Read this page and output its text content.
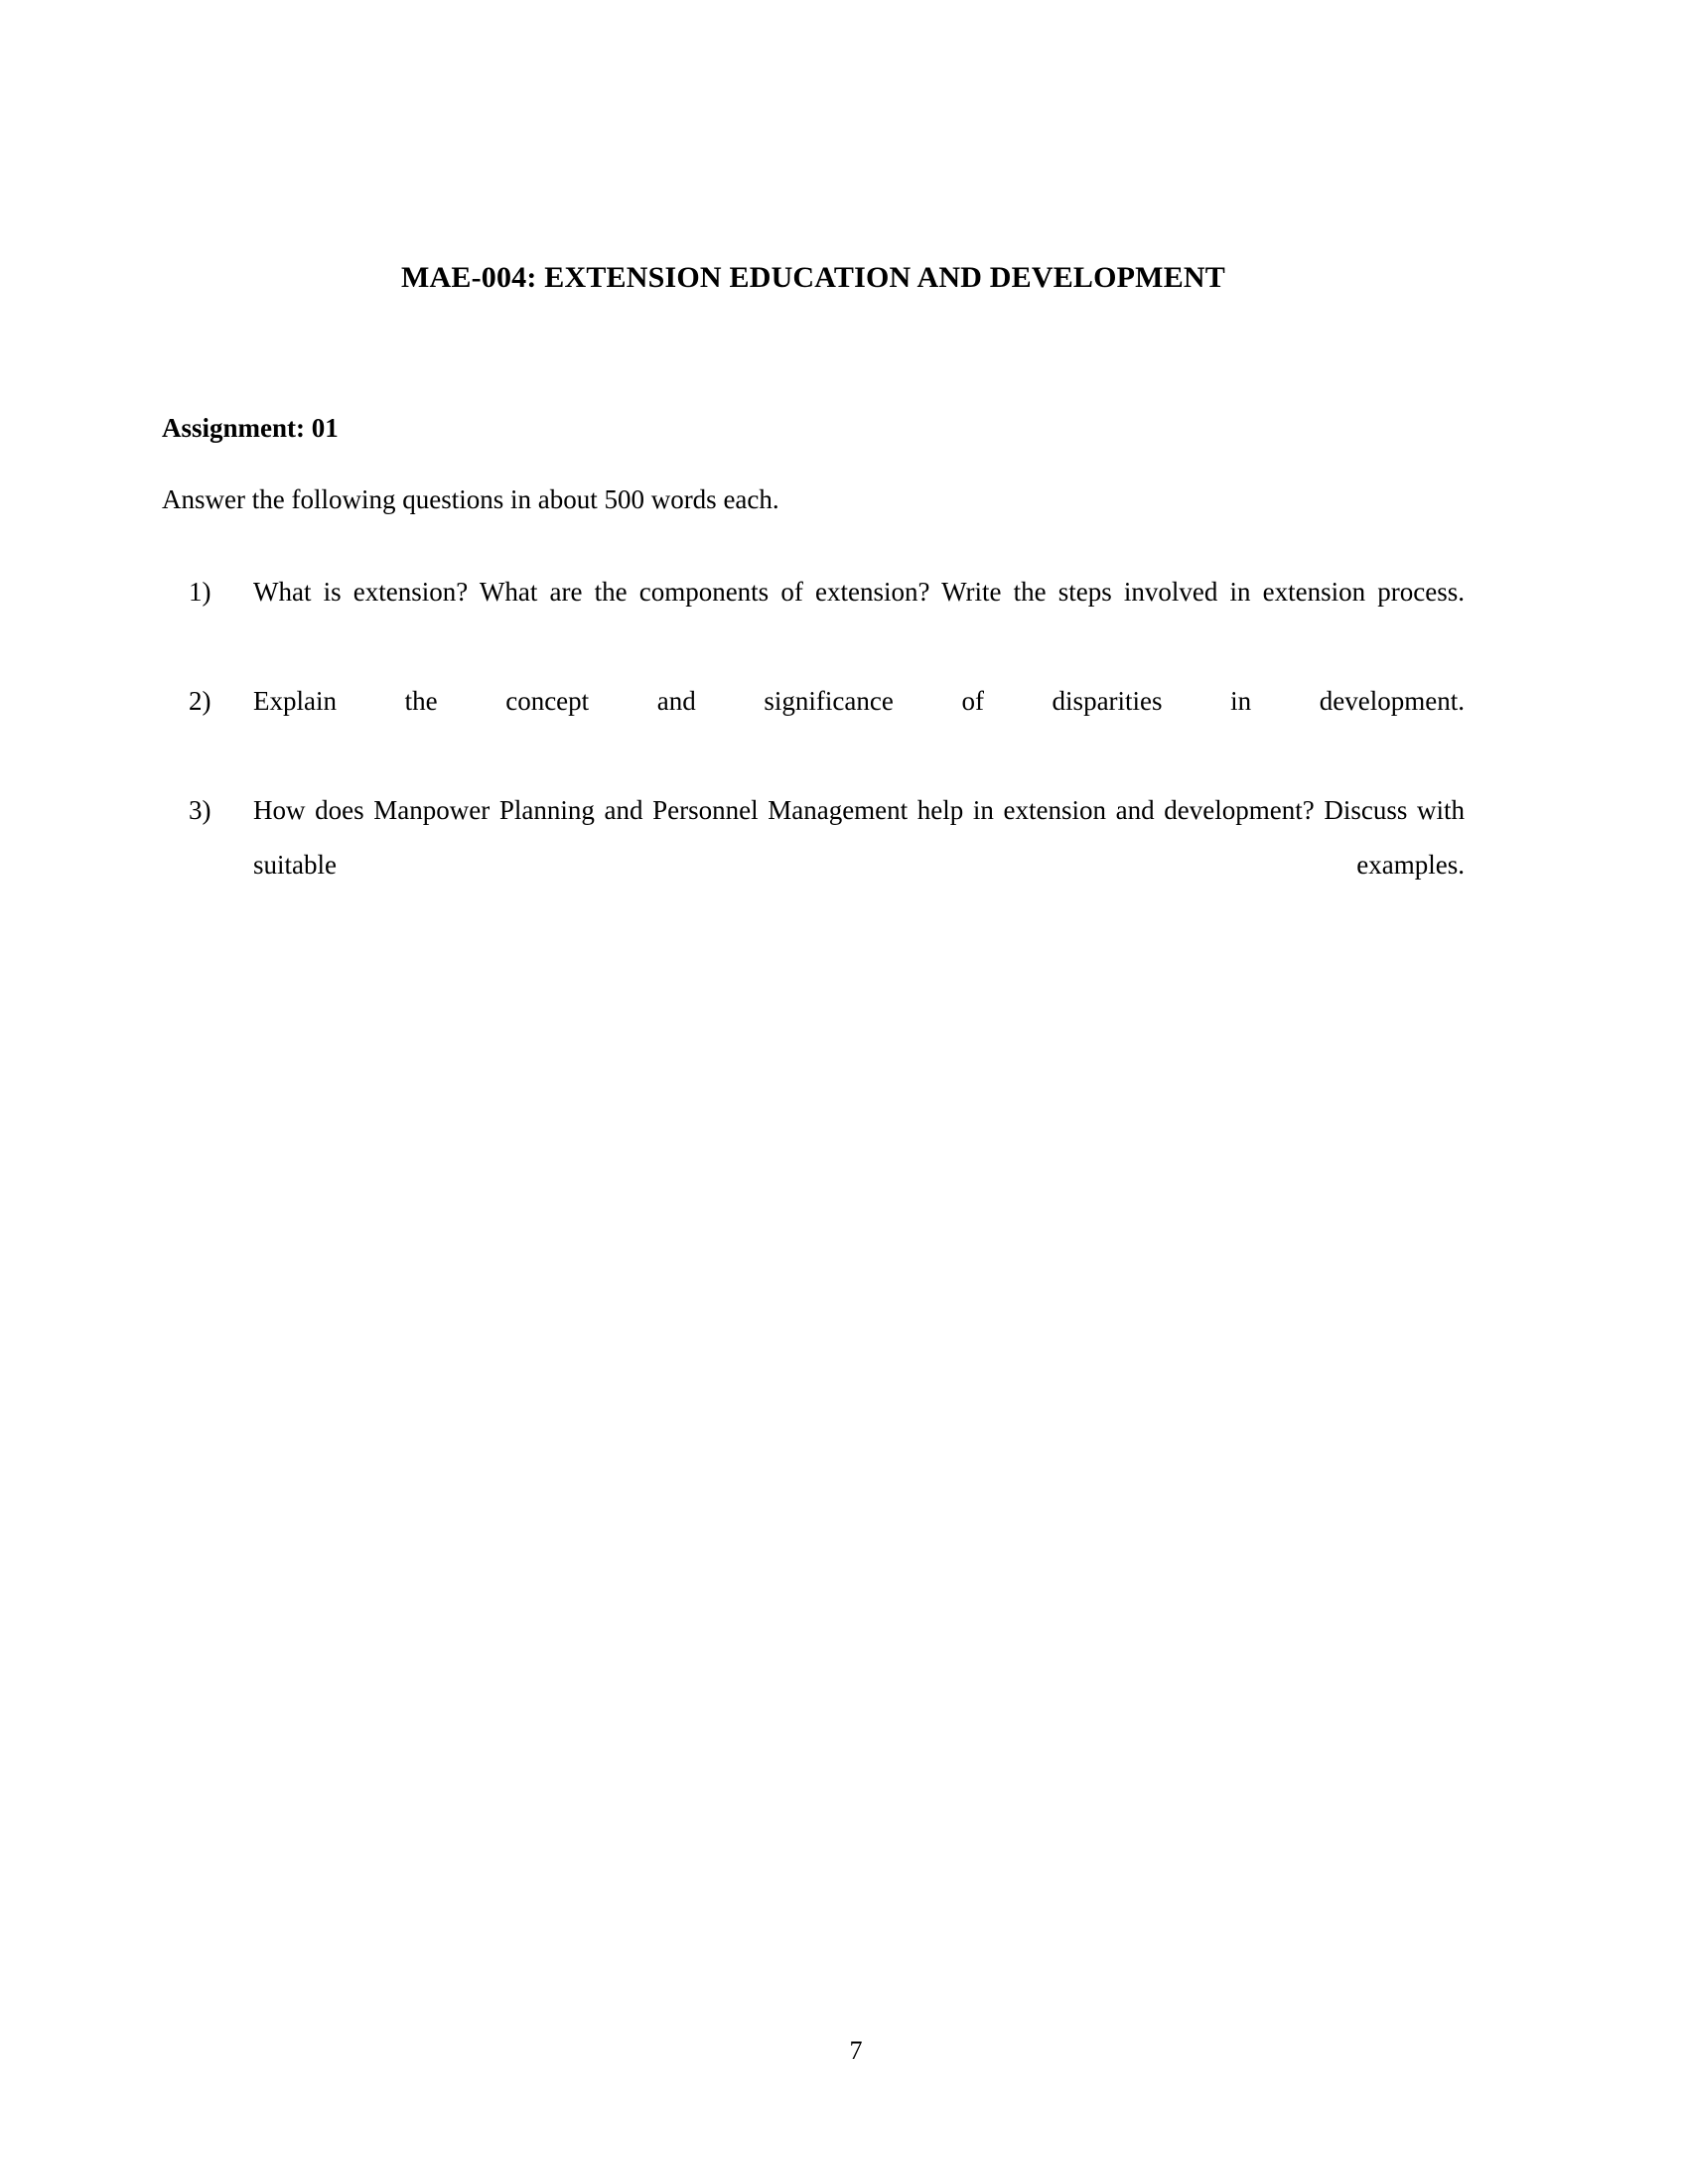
MAE-004: EXTENSION EDUCATION AND DEVELOPMENT
Assignment: 01
Answer the following questions in about 500 words each.
1)	What is extension? What are the components of extension? Write the steps involved in extension process.
2)	Explain the concept and significance of disparities in development.
3)	How does Manpower Planning and Personnel Management help in extension and development? Discuss with suitable examples.
7
